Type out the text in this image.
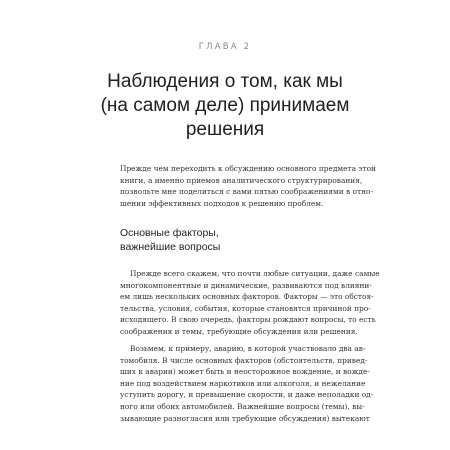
ГЛАВА 2
Наблюдения о том, как мы
(на самом деле) принимаем
решения
Прежде чем переходить к обсуждению основного предмета этой
книги, а именно приемов аналитического структурирования,
позвольте мне поделиться с вами пятью соображениями в отно-
шении эффективных подходов к решению проблем.
Основные факторы,
важнейшие вопросы
Прежде всего скажем, что почти любые ситуации, даже самые
многокомпонентные и динамические, развиваются под влияни-
ем лишь нескольких основных факторов. Факторы — это обстоя-
тельства, условия, события, которые становятся причиной про-
исходящего. В свою очередь, факторы рождают вопросы, то есть
соображения и темы, требующие обсуждения или решения.
Возьмем, к примеру, аварию, в которой участвовало два ав-
томобиля. В числе основных факторов (обстоятельств, привед-
ших к аварии) может быть и неосторожное вождение, и вожде-
ние под воздействием наркотиков или алкоголя, и нежелание
уступить дорогу, и превышение скорости, и даже неполадки од-
ного или обоих автомобилей. Важнейшие вопросы (темы), вы-
зывающие разногласия или требующие обсуждения) вытекают
